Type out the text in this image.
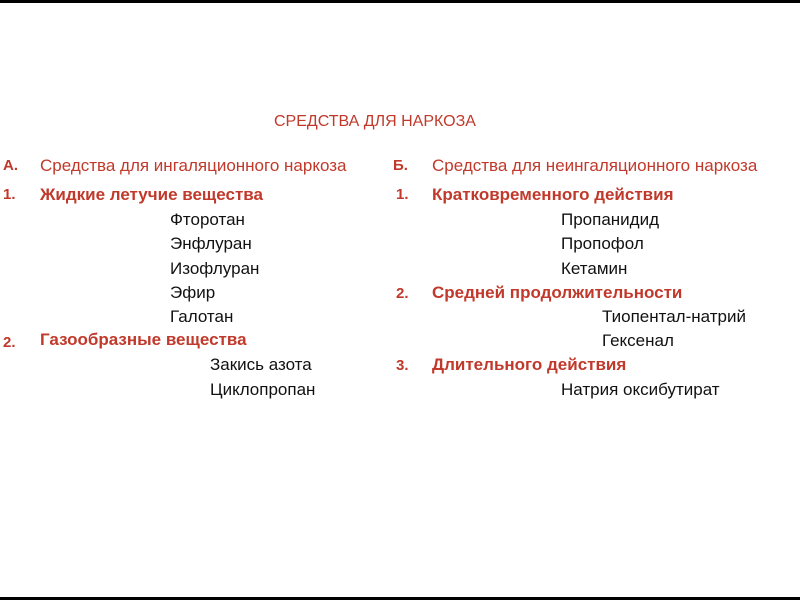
СРЕДСТВА ДЛЯ НАРКОЗА
A. Средства для ингаляционного наркоза
1. Жидкие летучие вещества
Фторотан
Энфлуран
Изофлуран
Эфир
Галотан
2. Газообразные вещества
Закись азота
Циклопропан
Б. Средства для неингаляционного наркоза
1. Кратковременного действия
Пропанидид
Пропофол
Кетамин
2. Средней продолжительности
Тиопентал-натрий
Гексенал
3. Длительного действия
Натрия оксибутират
